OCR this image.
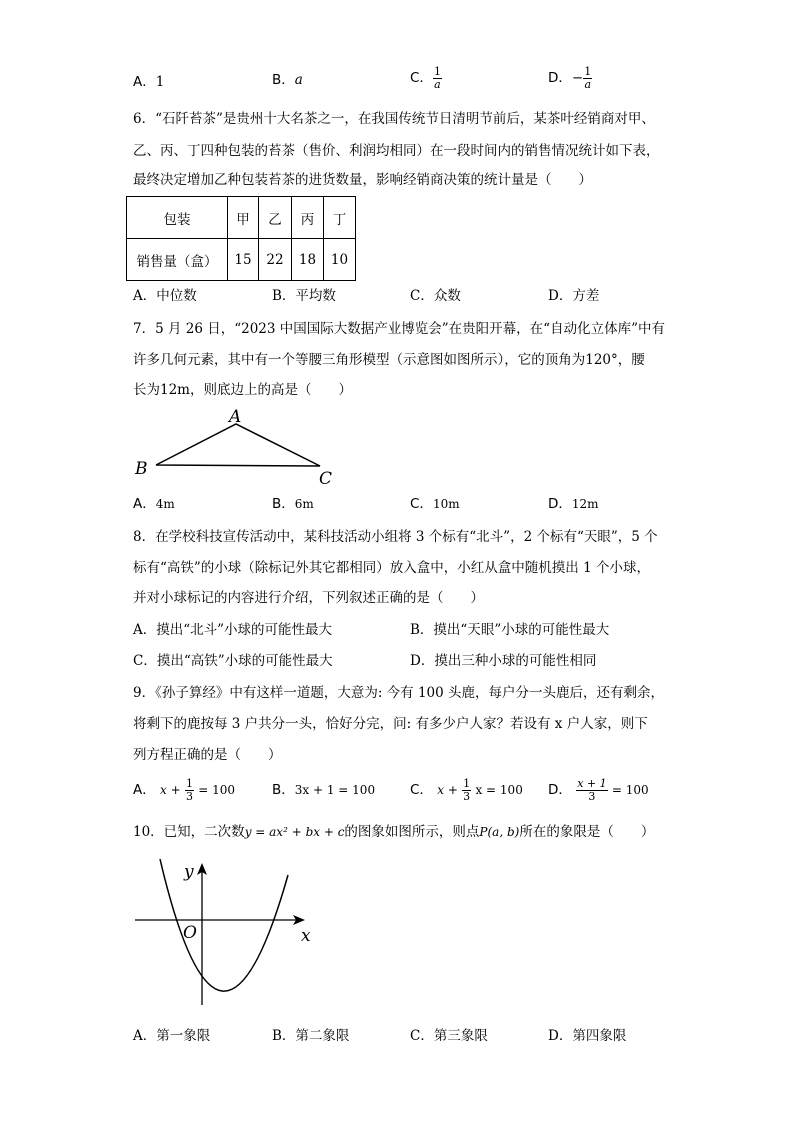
A．1	B．a	C． $\frac{1}{a}$	D．− $\frac{1}{a}$
6．“石阡苔茶”是贵州十大名茶之一，在我国传统节日清明节前后，某茶叶经销商对甲、
乙、丙、丁四种包装的苔茶（售价、利润均相同）在一段时间内的销售情况统计如下表，
最终决定增加乙种包装苔茶的进货数量，影响经销商决策的统计量是（　　）
包装	甲	乙	丙	丁
销售量（盒）	15	22	18	10
A．中位数	B．平均数	C．众数	D．方差
7．5 月 26 日，“2023 中国国际大数据产业博览会”在贵阳开幕，在“自动化立体库”中有
许多几何元素，其中有一个等腰三角形模型（示意图如图所示），它的顶角为120°，腰
长为12m，则底边上的高是（　　）
A
B	C
A．4m	B．6m	C．10m	D．12m
8．在学校科技宣传活动中，某科技活动小组将 3 个标有“北斗”，2 个标有“天眼”，5 个
标有“高铁”的小球（除标记外其它都相同）放入盒中，小红从盒中随机摸出 1 个小球，
并对小球标记的内容进行介绍，下列叙述正确的是（　　）
A．摸出“北斗”小球的可能性最大	B．摸出“天眼”小球的可能性最大
C．摸出“高铁”小球的可能性最大	D．摸出三种小球的可能性相同
9．《孙子算经》中有这样一道题，大意为: 今有 100 头鹿，每户分一头鹿后，还有剩余，
将剩下的鹿按每 3 户共分一头，恰好分完，问: 有多少户人家？若设有 x 户人家，则下
列方程正确的是（　　）
A． $x + \frac{1}{3} = 100$	B．3x + 1 = 100	C． $x + \frac{1}{3}$ x = 100 D． $\frac{x + 1}{3} = 100$
10．已知，二次数y = ax² + bx + c的图象如图所示，则点P(a, b)所在的象限是（　　）
y
x
O
A．第一象限	B．第二象限	C．第三象限	D．第四象限
